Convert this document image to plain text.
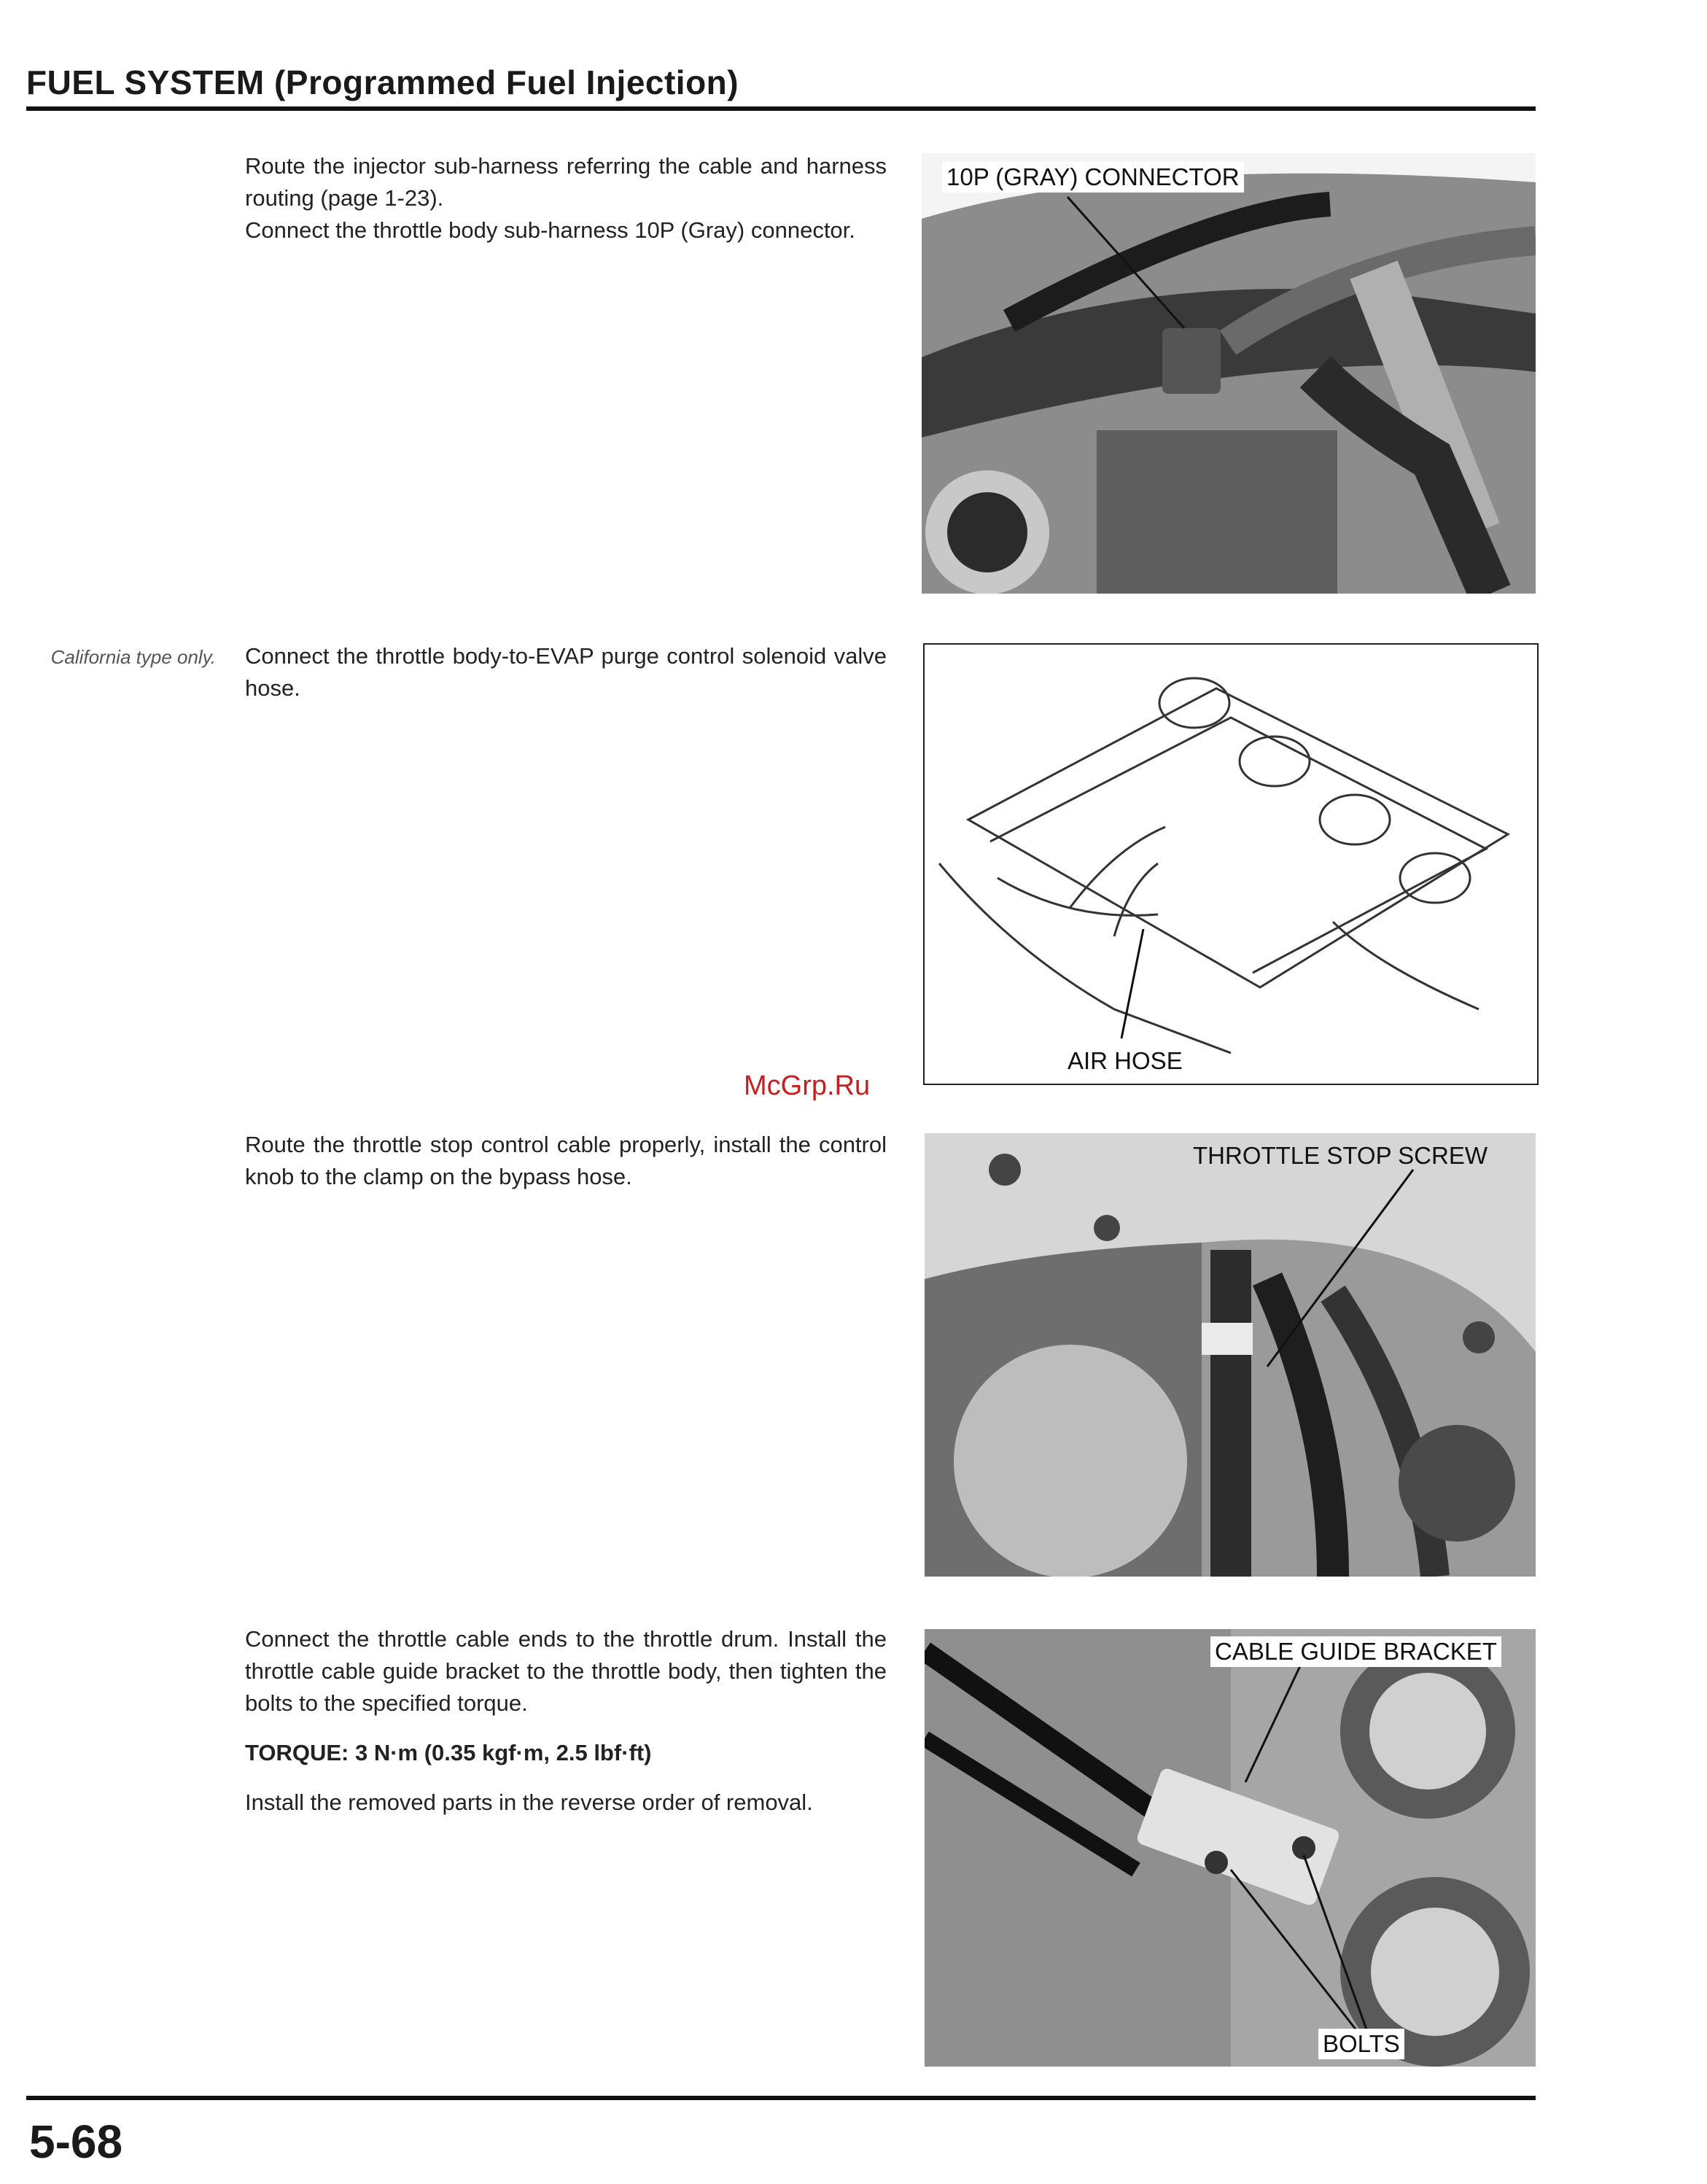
FUEL SYSTEM (Programmed Fuel Injection)

Route the injector sub-harness referring the cable and harness routing (page 1-23).

Connect the throttle body sub-harness 10P (Gray) connector.

10P (GRAY) CONNECTOR
California type only. Connect the throttle body-to-EVAP purge control solenoid valve hose.

AIR HOSE
McGrp.Ru

Route the throttle stop control cable properly, install the control knob to the clamp on the bypass hose.

THROTTLE STOP SCREW

Connect the throttle cable ends to the throttle drum. Install the throttle cable guide bracket to the throttle body, then tighten the bolts to the specified torque.

TORQUE: 3 N·m (0.35 kgf·m, 2.5 lbf·ft)

Install the removed parts in the reverse order of removal.

CABLE GUIDE BRACKET
BOLTS
5-68
